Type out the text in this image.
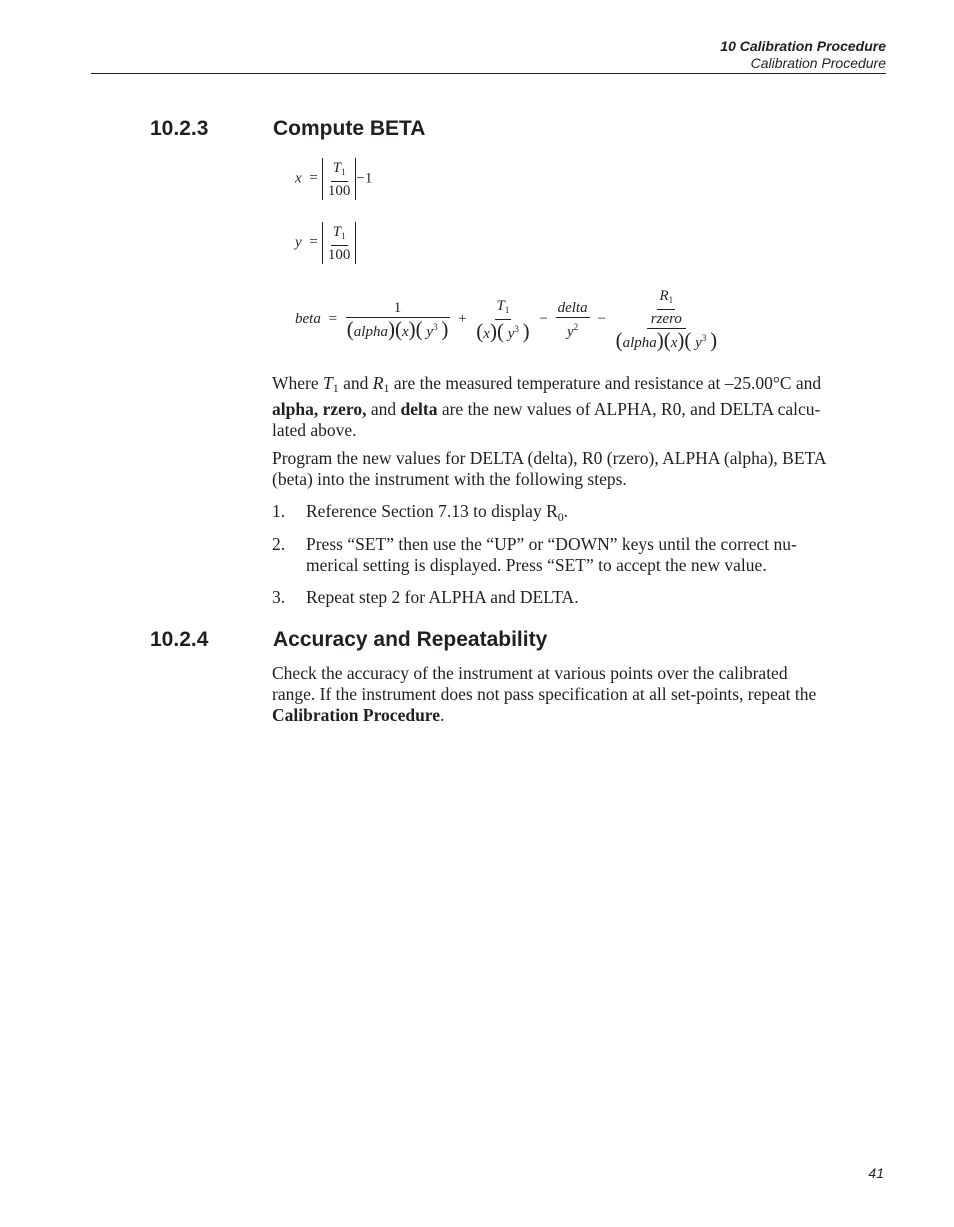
10 Calibration Procedure
Calibration Procedure
10.2.3	Compute BETA
$x = \frac{T_1}{100} -1$
$y = \frac{T_1}{100}$
beta = $\frac{1}{(alpha)(x)( y^3 )} + \frac{T_1}{(x)( y^3 )} - \frac{\text{delta}}{y^2} - \frac{\frac{R_1}{\text{rzero}}}{(alpha)(x)( y^3 )}$

Where $T_1$ and $R_1$ are the measured temperature and resistance at –25.00°C and

alpha, rzero, and delta are the new values of ALPHA, R0, and DELTA calcu-

lated above.

Program the new values for DELTA (delta), R0 (rzero), ALPHA (alpha), BETA

(beta) into the instrument with the following steps.

1. Reference Section 7.13 to display $R_0$.
2. Press “SET” then use the “UP” or “DOWN” keys until the correct nu-
merical setting is displayed. Press “SET” to accept the new value.
3. Repeat step 2 for ALPHA and DELTA.
10.2.4	Accuracy and Repeatability

Check the accuracy of the instrument at various points over the calibrated

range. If the instrument does not pass specification at all set-points, repeat the

Calibration Procedure.

41
